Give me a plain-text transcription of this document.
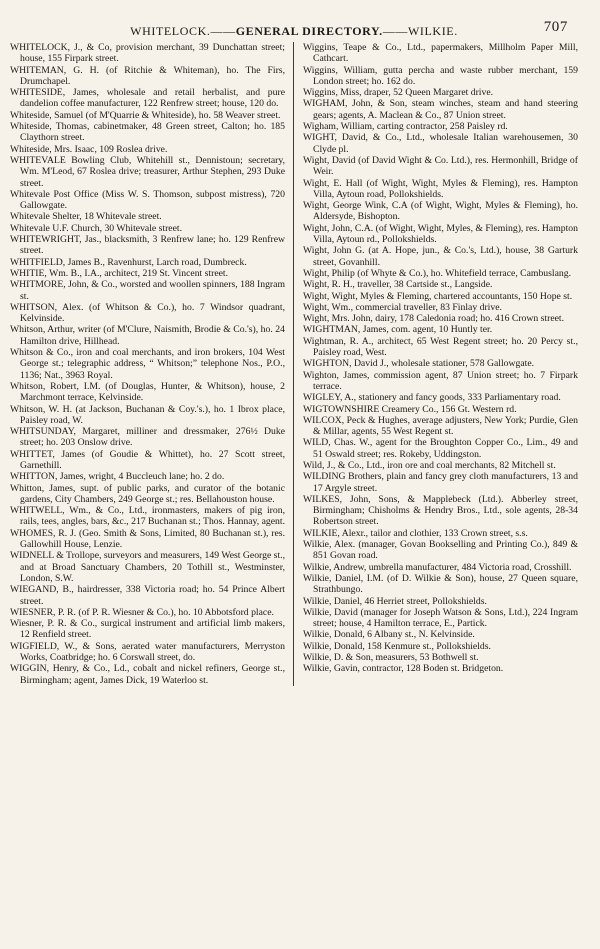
WHITELOCK.——GENERAL DIRECTORY.——WILKIE.	707

WHITELOCK, J., & Co, provision merchant, 39 Dunchattan street; house, 155 Firpark street.

WHITEMAN, G. H. (of Ritchie & Whiteman), ho. The Firs, Drumchapel.

WHITESIDE, James, wholesale and retail herbalist, and pure dandelion coffee manufacturer, 122 Renfrew street; house, 120 do.

Whiteside, Samuel (of M'Quarrie & Whiteside), ho. 58 Weaver street.

Whiteside, Thomas, cabinetmaker, 48 Green street, Calton; ho. 185 Claythorn street.

Whiteside, Mrs. Isaac, 109 Roslea drive.

WHITEVALE Bowling Club, Whitehill st., Dennistoun; secretary, Wm. M'Leod, 67 Roslea drive; treasurer, Arthur Stephen, 293 Duke street.

Whitevale Post Office (Miss W. S. Thomson, subpost mistress), 720 Gallowgate.

Whitevale Shelter, 18 Whitevale street.

Whitevale U.F. Church, 30 Whitevale street.

WHITEWRIGHT, Jas., blacksmith, 3 Renfrew lane; ho. 129 Renfrew street.

WHITFIELD, James B., Ravenhurst, Larch road, Dumbreck.

WHITIE, Wm. B., I.A., architect, 219 St. Vincent street.

WHITMORE, John, & Co., worsted and woollen spinners, 188 Ingram st.

WHITSON, Alex. (of Whitson & Co.), ho. 7 Windsor quadrant, Kelvinside.

Whitson, Arthur, writer (of M'Clure, Naismith, Brodie & Co.'s), ho. 24 Hamilton drive, Hillhead.

Whitson & Co., iron and coal merchants, and iron brokers, 104 West George st.; telegraphic address, “ Whitson;” telephone Nos., P.O., 1136; Nat., 3963 Royal.

Whitson, Robert, I.M. (of Douglas, Hunter, & Whitson), house, 2 Marchmont terrace, Kelvinside.

Whitson, W. H. (at Jackson, Buchanan & Coy.'s.), ho. 1 Ibrox place, Paisley road, W.

WHITSUNDAY, Margaret, milliner and dressmaker, 276½ Duke street; ho. 203 Onslow drive.

WHITTET, James (of Goudie & Whittet), ho. 27 Scott street, Garnethill.

WHITTON, James, wright, 4 Buccleuch lane; ho. 2 do.

Whitton, James, supt. of public parks, and curator of the botanic gardens, City Chambers, 249 George st.; res. Bellahouston house.

WHITWELL, Wm., & Co., Ltd., ironmasters, makers of pig iron, rails, tees, angles, bars, &c., 217 Buchanan st.; Thos. Hannay, agent.

WHOMES, R. J. (Geo. Smith & Sons, Limited, 80 Buchanan st.), res. Gallowhill House, Lenzie.

WIDNELL & Trollope, surveyors and measurers, 149 West George st., and at Broad Sanctuary Chambers, 20 Tothill st., Westminster, London, S.W.

WIEGAND, B., hairdresser, 338 Victoria road; ho. 54 Prince Albert street.

WIESNER, P. R. (of P. R. Wiesner & Co.), ho. 10 Abbotsford place.

Wiesner, P. R. & Co., surgical instrument and artificial limb makers, 12 Renfield street.

WIGFIELD, W., & Sons, aerated water manufacturers, Merryston Works, Coatbridge; ho. 6 Corswall street, do.

WIGGIN, Henry, & Co., Ld., cobalt and nickel refiners, George st., Birmingham; agent, James Dick, 19 Waterloo st.

Wiggins, Teape & Co., Ltd., papermakers, Millholm Paper Mill, Cathcart.

Wiggins, William, gutta percha and waste rubber merchant, 159 London street; ho. 162 do.

Wiggins, Miss, draper, 52 Queen Margaret drive.

WIGHAM, John, & Son, steam winches, steam and hand steering gears; agents, A. Maclean & Co., 87 Union street.

Wigham, William, carting contractor, 258 Paisley rd.

WIGHT, David, & Co., Ltd., wholesale Italian warehousemen, 30 Clyde pl.

Wight, David (of David Wight & Co. Ltd.), res. Hermonhill, Bridge of Weir.

Wight, E. Hall (of Wight, Wight, Myles & Fleming), res. Hampton Villa, Aytoun road, Pollokshields.

Wight, George Wink, C.A (of Wight, Wight, Myles & Fleming), ho. Aldersyde, Bishopton.

Wight, John, C.A. (of Wight, Wight, Myles, & Fleming), res. Hampton Villa, Aytoun rd., Pollokshields.

Wight, John G. (at A. Hope, jun., & Co.'s, Ltd.), house, 38 Garturk street, Govanhill.

Wight, Philip (of Whyte & Co.), ho. Whitefield terrace, Cambuslang.

Wight, R. H., traveller, 38 Cartside st., Langside.

Wight, Wight, Myles & Fleming, chartered accountants, 150 Hope st.

Wight, Wm., commercial traveller, 83 Finlay drive.

Wight, Mrs. John, dairy, 178 Caledonia road; ho. 416 Crown street.

WIGHTMAN, James, com. agent, 10 Huntly ter.

Wightman, R. A., architect, 65 West Regent street; ho. 20 Percy st., Paisley road, West.

WIGHTON, David J., wholesale stationer, 578 Gallowgate.

Wighton, James, commission agent, 87 Union street; ho. 7 Firpark terrace.

WIGLEY, A., stationery and fancy goods, 333 Parliamentary road.

WIGTOWNSHIRE Creamery Co., 156 Gt. Western rd.

WILCOX, Peck & Hughes, average adjusters, New York; Purdie, Glen & Millar, agents, 55 West Regent st.

WILD, Chas. W., agent for the Broughton Copper Co., Lim., 49 and 51 Oswald street; res. Rokeby, Uddingston.

Wild, J., & Co., Ltd., iron ore and coal merchants, 82 Mitchell st.

WILDING Brothers, plain and fancy grey cloth manufacturers, 13 and 17 Argyle street.

WILKES, John, Sons, & Mapplebeck (Ltd.). Abberley street, Birmingham; Chisholms & Hendry Bros., Ltd., sole agents, 28-34 Robertson street.

WILKIE, Alexr., tailor and clothier, 133 Crown street, s.s.

Wilkie, Alex. (manager, Govan Bookselling and Printing Co.), 849 & 851 Govan road.

Wilkie, Andrew, umbrella manufacturer, 484 Victoria road, Crosshill.

Wilkie, Daniel, I.M. (of D. Wilkie & Son), house, 27 Queen square, Strathbungo.

Wilkie, Daniel, 46 Herriet street, Pollokshields.

Wilkie, David (manager for Joseph Watson & Sons, Ltd.), 224 Ingram street; house, 4 Hamilton terrace, E., Partick.

Wilkie, Donald, 6 Albany st., N. Kelvinside.

Wilkie, Donald, 158 Kenmure st., Pollokshields.

Wilkie, D. & Son, measurers, 53 Bothwell st.

Wilkie, Gavin, contractor, 128 Boden st. Bridgeton.
